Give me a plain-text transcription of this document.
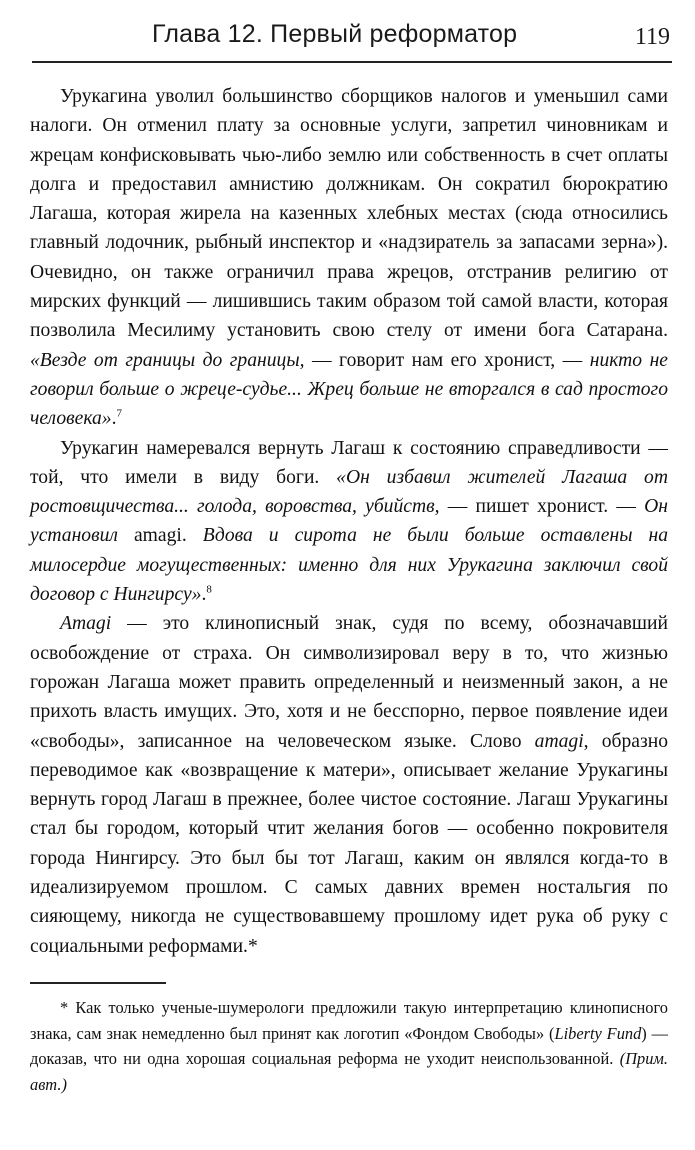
Глава 12. Первый реформатор	119

Урукагина уволил большинство сборщиков налогов и уменьшил сами налоги. Он отменил плату за основные услуги, запретил чиновникам и жрецам конфисковывать чью-либо землю или собственность в счет оплаты долга и предоставил амнистию должникам. Он сократил бюрократию Лагаша, которая жирела на казенных хлебных местах (сюда относились главный лодочник, рыбный инспектор и «надзиратель за запасами зерна»). Очевидно, он также ограничил права жрецов, отстранив религию от мирских функций — лишившись таким образом той самой власти, которая позволила Месилиму установить свою стелу от имени бога Сатарана. «Везде от границы до границы, — говорит нам его хронист, — никто не говорил больше о жреце-судье... Жрец больше не вторгался в сад простого человека».$^7$

Урукагин намеревался вернуть Лагаш к состоянию справедливости — той, что имели в виду боги. «Он избавил жителей Лагаша от ростовщичества... голода, воровства, убийств, — пишет хронист. — Он установил amagi. Вдова и сирота не были больше оставлены на милосердие могущественных: именно для них Урукагина заключил свой договор с Нингирсу».$^8$

Amagi — это клинописный знак, судя по всему, обозначавший освобождение от страха. Он символизировал веру в то, что жизнью горожан Лагаша может править определенный и неизменный закон, а не прихоть власть имущих. Это, хотя и не бесспорно, первое появление идеи «свободы», записанное на человеческом языке. Слово amagi, образно переводимое как «возвращение к матери», описывает желание Урукагины вернуть город Лагаш в прежнее, более чистое состояние. Лагаш Урукагины стал бы городом, который чтит желания богов — особенно покровителя города Нингирсу. Это был бы тот Лагаш, каким он являлся когда-то в идеализируемом прошлом. С самых давних времен ностальгия по сияющему, никогда не существовавшему прошлому идет рука об руку с социальными реформами.*

* Как только ученые-шумерологи предложили такую интерпретацию клинописного знака, сам знак немедленно был принят как логотип «Фондом Свободы» (Liberty Fund) — доказав, что ни одна хорошая социальная реформа не уходит неиспользованной. (Прим. авт.)
